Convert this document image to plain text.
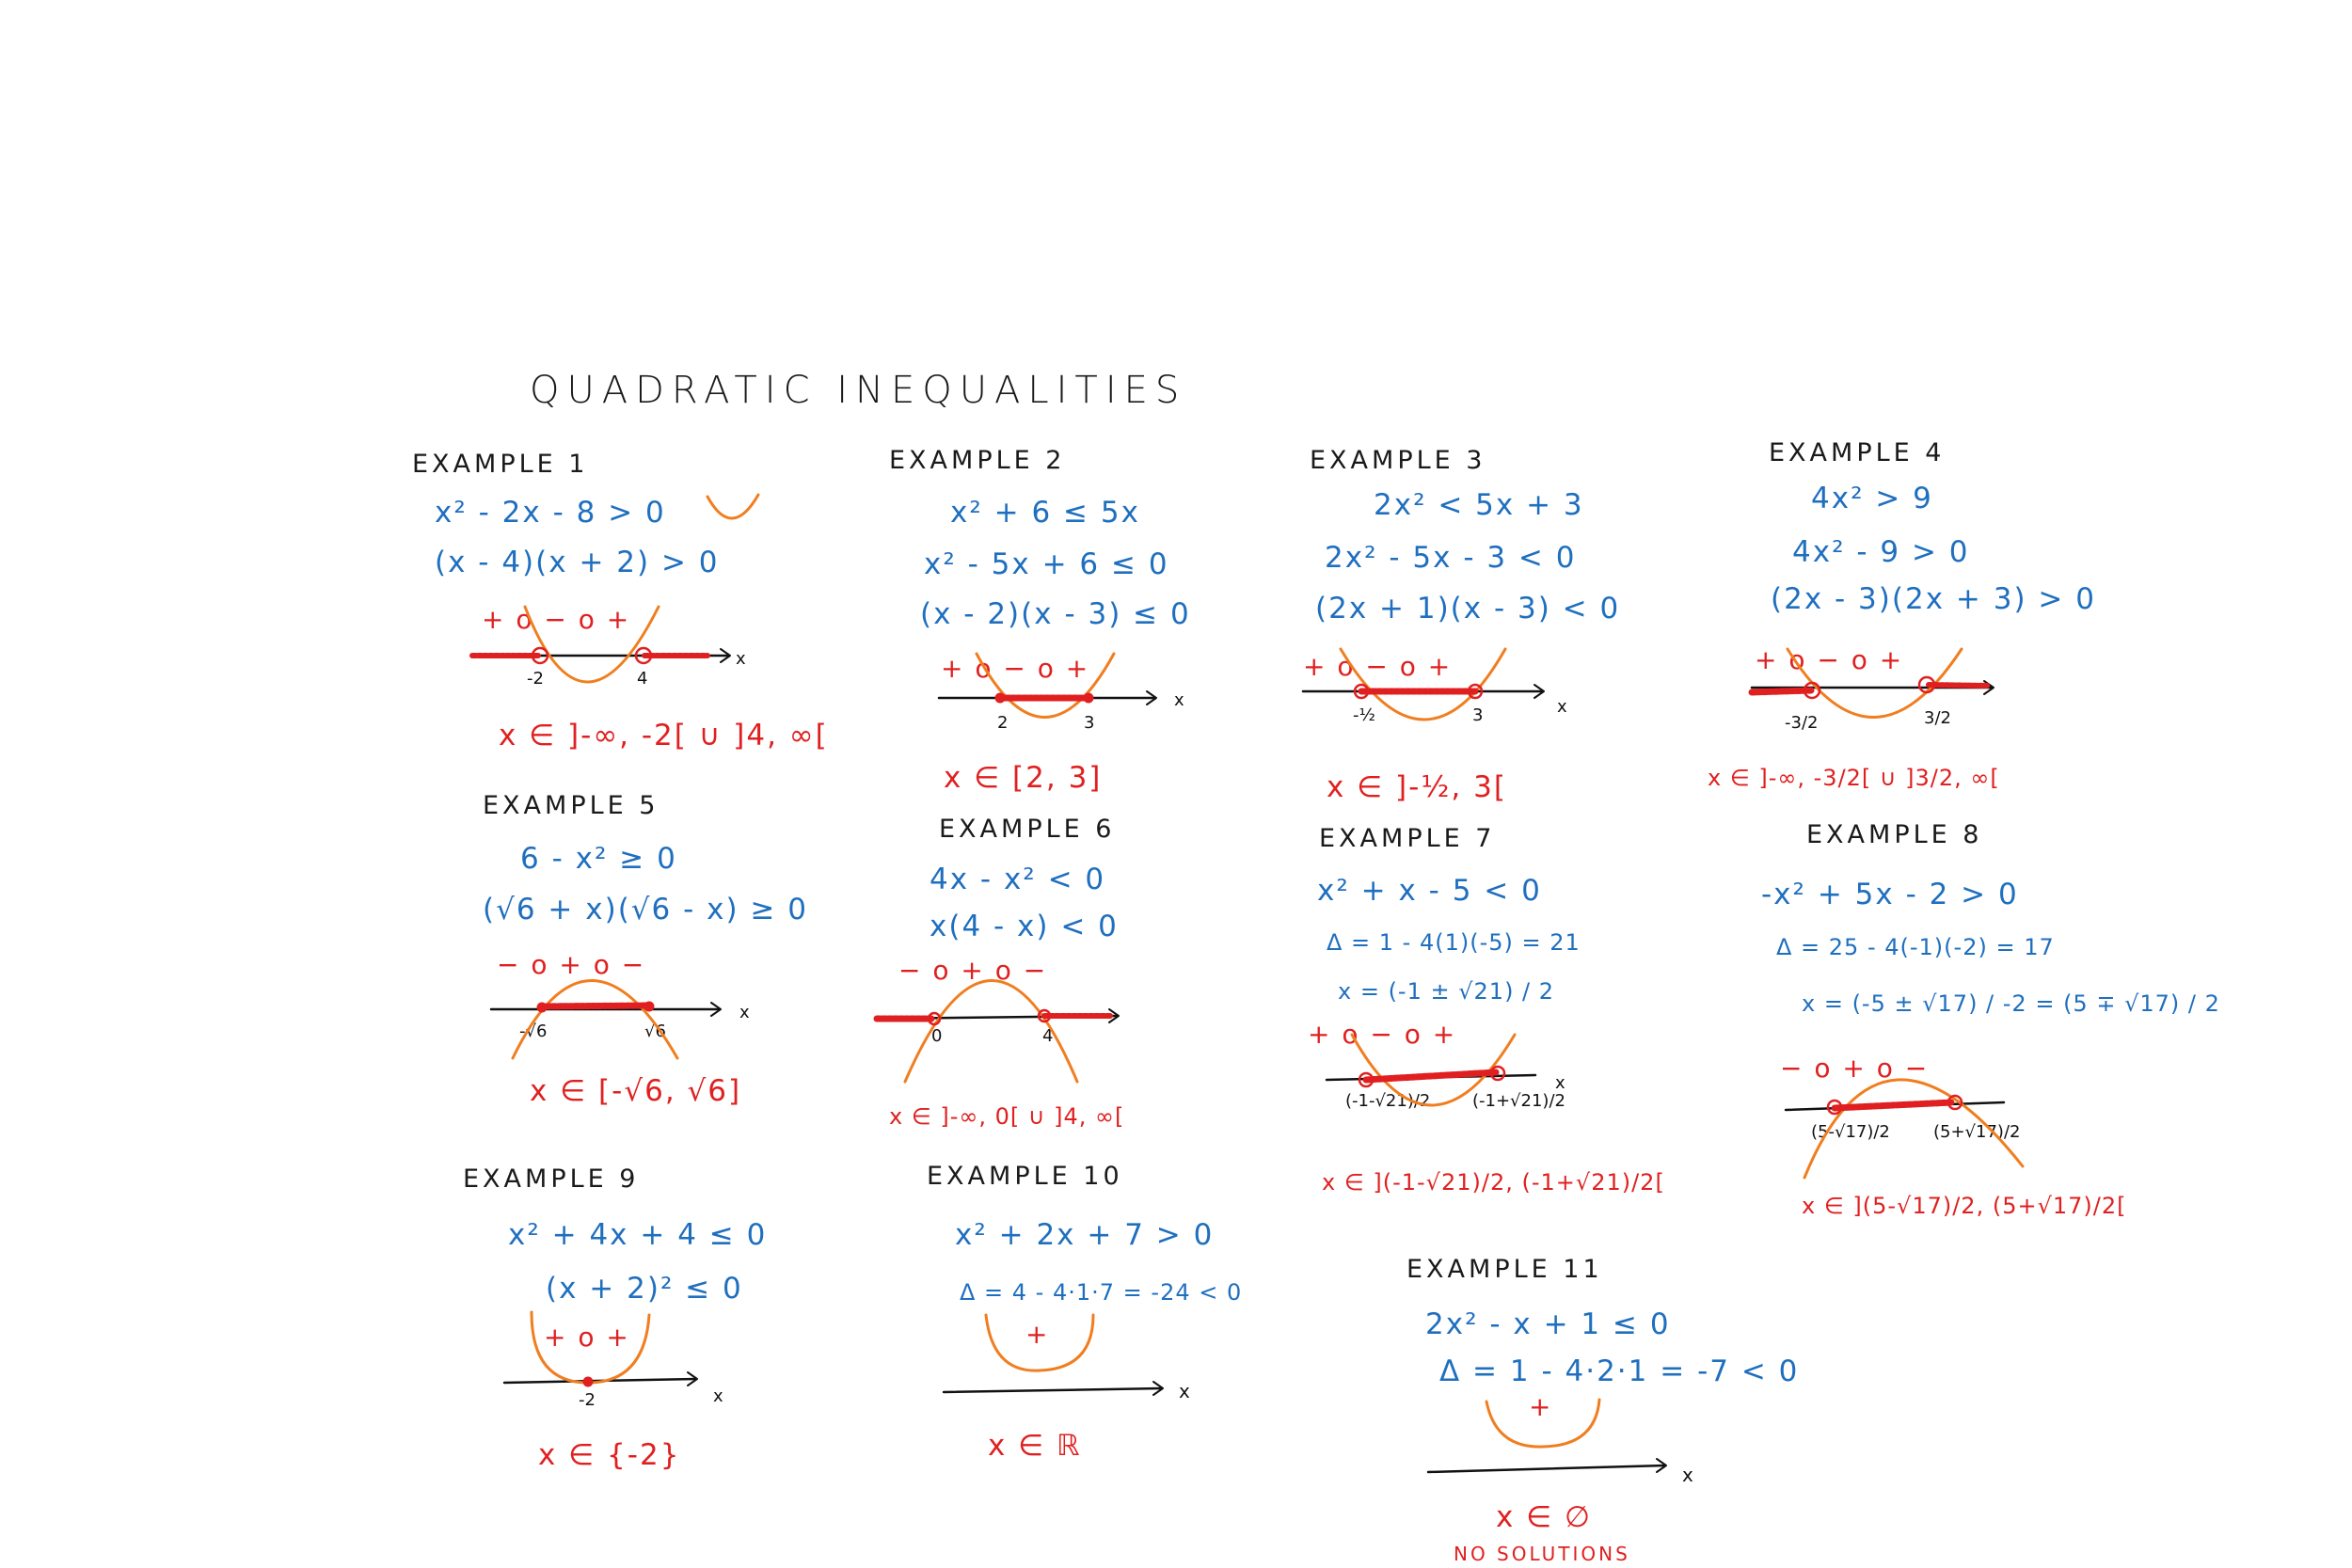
QUADRATIC INEQUALITIES
EXAMPLE 1
x² - 2x - 8 > 0
(x - 4)(x + 2) > 0
+ o − o +
-2	4
x ∈ ]-∞, -2[ ∪ ]4, ∞[
EXAMPLE 2
x² + 6 ≤ 5x
x² - 5x + 6 ≤ 0
(x - 2)(x - 3) ≤ 0
+ o − o +
2	3
x ∈ [2, 3]
EXAMPLE 3
2x² < 5x + 3
2x² - 5x - 3 < 0
(2x + 1)(x - 3) < 0
+ o − o +
-½	3
x ∈ ]-½, 3[
EXAMPLE 4
4x² > 9
4x² - 9 > 0
(2x - 3)(2x + 3) > 0
+ o − o +
-3/2	3/2
x ∈ ]-∞, -3/2[ ∪ ]3/2, ∞[
EXAMPLE 5
6 - x² ≥ 0
(√6 + x)(√6 - x) ≥ 0
− o + o −
-√6	√6
x ∈ [-√6, √6]
EXAMPLE 6
4x - x² < 0
x(4 - x) < 0
− o + o −
0	4
x ∈ ]-∞, 0[ ∪ ]4, ∞[
EXAMPLE 7
x² + x - 5 < 0
Δ = 1 - 4(1)(-5) = 21
x = (-1 ± √21) / 2
+ o − o +
(-1-√21)/2 (-1+√21)/2
x ∈ ](-1-√21)/2, (-1+√21)/2[
EXAMPLE 8
-x² + 5x - 2 > 0
Δ = 25 - 4(-1)(-2) = 17
x = (-5 ± √17) / -2 = (5 ∓ √17) / 2
− o + o −
(5-√17)/2	(5+√17)/2
x ∈ ](5-√17)/2, (5+√17)/2[
EXAMPLE 9
x² + 4x + 4 ≤ 0
(x + 2)² ≤ 0
+ o +
-2
x ∈ {-2}
EXAMPLE 10
x² + 2x + 7 > 0
Δ = 4 - 4·1·7 = -24 < 0
+
x ∈ ℝ
EXAMPLE 11
2x² - x + 1 ≤ 0
Δ = 1 - 4·2·1 = -7 < 0
+
x ∈ ∅
NO SOLUTIONS
x
x	x
x
x
x	x
x
